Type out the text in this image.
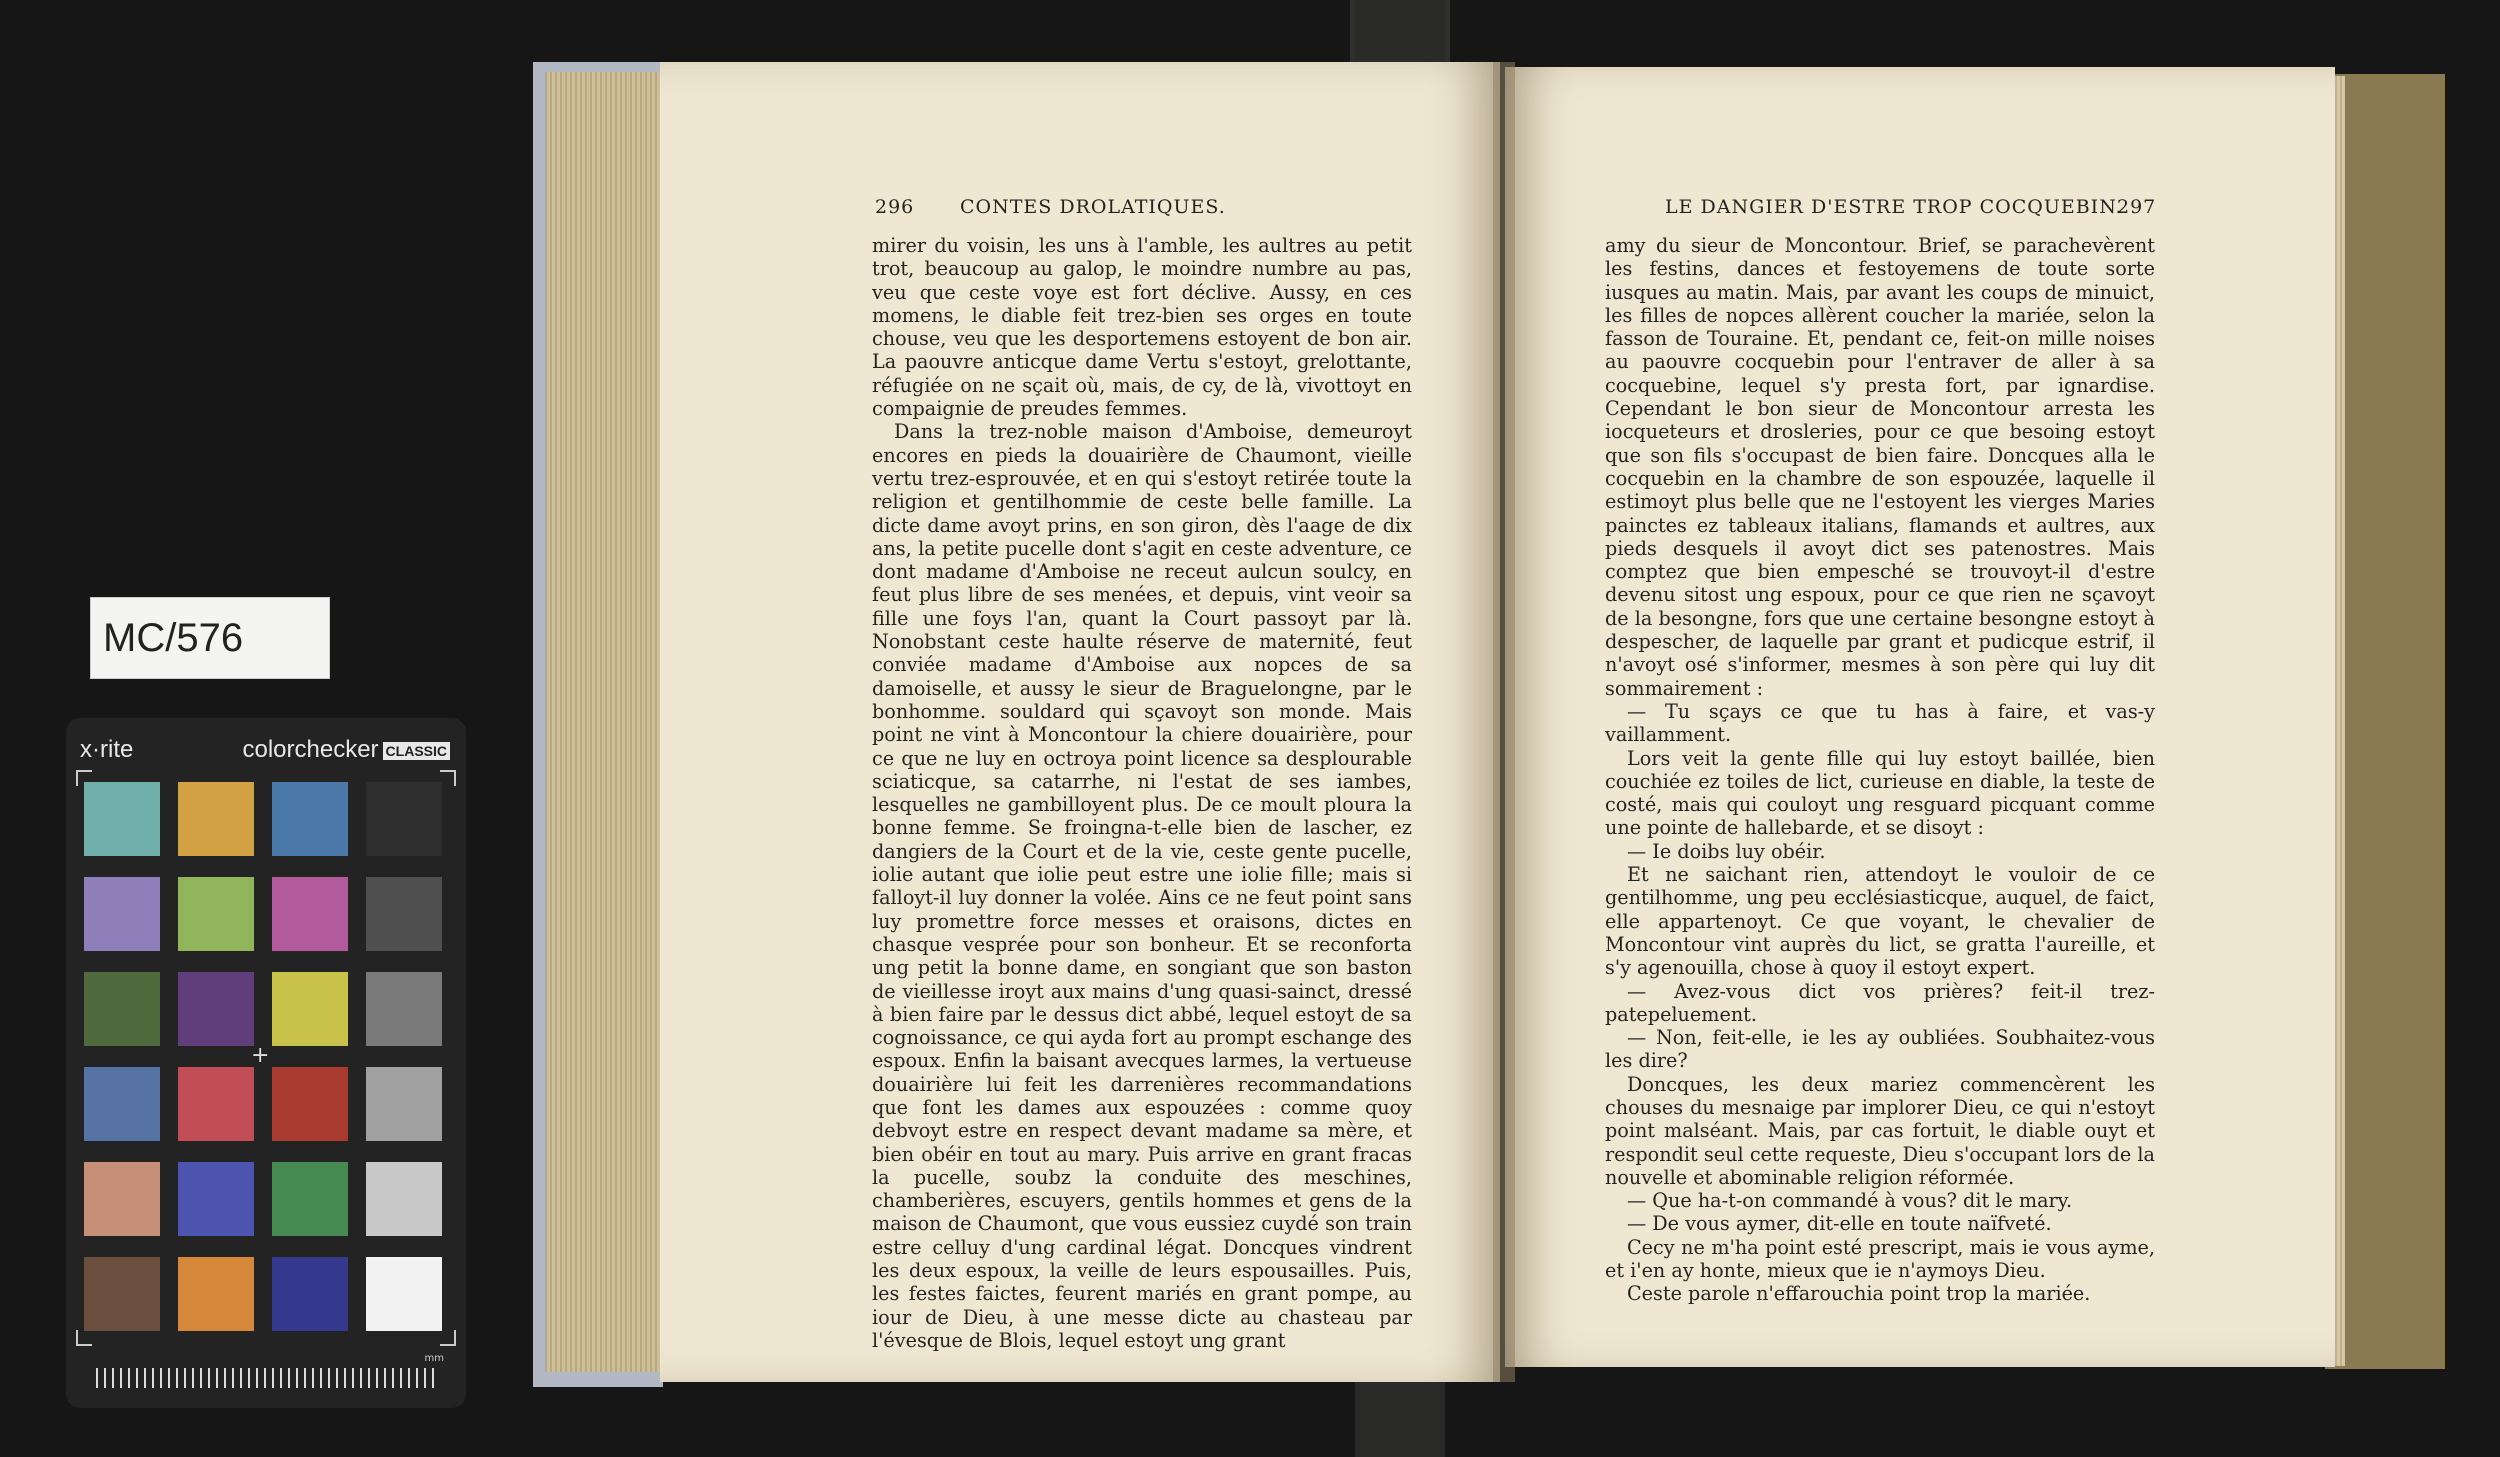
MC/576
x·rite	colorchecker CLASSIC
+
mm
296 CONTES DROLATIQUES.

mirer du voisin, les uns à l'amble, les aultres au petit trot, beaucoup au galop, le moindre numbre au pas, veu que ceste voye est fort déclive. Aussy, en ces momens, le diable feit trez-bien ses orges en toute chouse, veu que les desportemens estoyent de bon air. La paouvre anticque dame Vertu s'estoyt, grelottante, réfugiée on ne sçait où, mais, de cy, de là, vivottoyt en compaignie de preudes femmes.

Dans la trez-noble maison d'Amboise, demeuroyt encores en pieds la douairière de Chaumont, vieille vertu trez-esprouvée, et en qui s'estoyt retirée toute la religion et gentilhommie de ceste belle famille. La dicte dame avoyt prins, en son giron, dès l'aage de dix ans, la petite pucelle dont s'agit en ceste adventure, ce dont madame d'Amboise ne receut aulcun soulcy, en feut plus libre de ses menées, et depuis, vint veoir sa fille une foys l'an, quant la Court passoyt par là. Nonobstant ceste haulte réserve de maternité, feut conviée madame d'Amboise aux nopces de sa damoiselle, et aussy le sieur de Braguelongne, par le bonhomme. souldard qui sçavoyt son monde. Mais point ne vint à Moncontour la chiere douairière, pour ce que ne luy en octroya point licence sa desplourable sciaticque, sa catarrhe, ni l'estat de ses iambes, lesquelles ne gambilloyent plus. De ce moult ploura la bonne femme. Se froingna-t-elle bien de lascher, ez dangiers de la Court et de la vie, ceste gente pucelle, iolie autant que iolie peut estre une iolie fille; mais si falloyt-il luy donner la volée. Ains ce ne feut point sans luy promettre force messes et oraisons, dictes en chasque vesprée pour son bonheur. Et se reconforta ung petit la bonne dame, en songiant que son baston de vieillesse iroyt aux mains d'ung quasi-sainct, dressé à bien faire par le dessus dict abbé, lequel estoyt de sa cognoissance, ce qui ayda fort au prompt eschange des espoux. Enfin la baisant avecques larmes, la vertueuse douairière lui feit les darrenières recommandations que font les dames aux espouzées : comme quoy debvoyt estre en respect devant madame sa mère, et bien obéir en tout au mary. Puis arrive en grant fracas la pucelle, soubz la conduite des meschines, chamberières, escuyers, gentils hommes et gens de la maison de Chaumont, que vous eussiez cuydé son train estre celluy d'ung cardinal légat. Doncques vindrent les deux espoux, la veille de leurs espousailles. Puis, les festes faictes, feurent mariés en grant pompe, au iour de Dieu, à une messe dicte au chasteau par l'évesque de Blois, lequel estoyt ung grant

LE DANGIER D'ESTRE TROP COCQUEBIN.
297

amy du sieur de Moncontour. Brief, se parachevèrent les festins, dances et festoyemens de toute sorte iusques au matin. Mais, par avant les coups de minuict, les filles de nopces allèrent coucher la mariée, selon la fasson de Touraine. Et, pendant ce, feit-on mille noises au paouvre cocquebin pour l'entraver de aller à sa cocquebine, lequel s'y presta fort, par ignardise. Cependant le bon sieur de Moncontour arresta les iocqueteurs et drosleries, pour ce que besoing estoyt que son fils s'occupast de bien faire. Doncques alla le cocquebin en la chambre de son espouzée, laquelle il estimoyt plus belle que ne l'estoyent les vierges Maries painctes ez tableaux italians, flamands et aultres, aux pieds desquels il avoyt dict ses patenostres. Mais comptez que bien empesché se trouvoyt-il d'estre devenu sitost ung espoux, pour ce que rien ne sçavoyt de la besongne, fors que une certaine besongne estoyt à despescher, de laquelle par grant et pudicque estrif, il n'avoyt osé s'informer, mesmes à son père qui luy dit sommairement :

— Tu sçays ce que tu has à faire, et vas-y vaillamment.

Lors veit la gente fille qui luy estoyt baillée, bien couchiée ez toiles de lict, curieuse en diable, la teste de costé, mais qui couloyt ung resguard picquant comme une pointe de hallebarde, et se disoyt :

— Ie doibs luy obéir.

Et ne saichant rien, attendoyt le vouloir de ce gentilhomme, ung peu ecclésiasticque, auquel, de faict, elle appartenoyt. Ce que voyant, le chevalier de Moncontour vint auprès du lict, se gratta l'aureille, et s'y agenouilla, chose à quoy il estoyt expert.

— Avez-vous dict vos prières? feit-il trez-patepeluement.

— Non, feit-elle, ie les ay oubliées. Soubhaitez-vous les dire?

Doncques, les deux mariez commencèrent les chouses du mesnaige par implorer Dieu, ce qui n'estoyt point malséant. Mais, par cas fortuit, le diable ouyt et respondit seul cette requeste, Dieu s'occupant lors de la nouvelle et abominable religion réformée.

— Que ha-t-on commandé à vous? dit le mary.

— De vous aymer, dit-elle en toute naïfveté.

Cecy ne m'ha point esté prescript, mais ie vous ayme, et i'en ay honte, mieux que ie n'aymoys Dieu.

Ceste parole n'effarouchia point trop la mariée.
